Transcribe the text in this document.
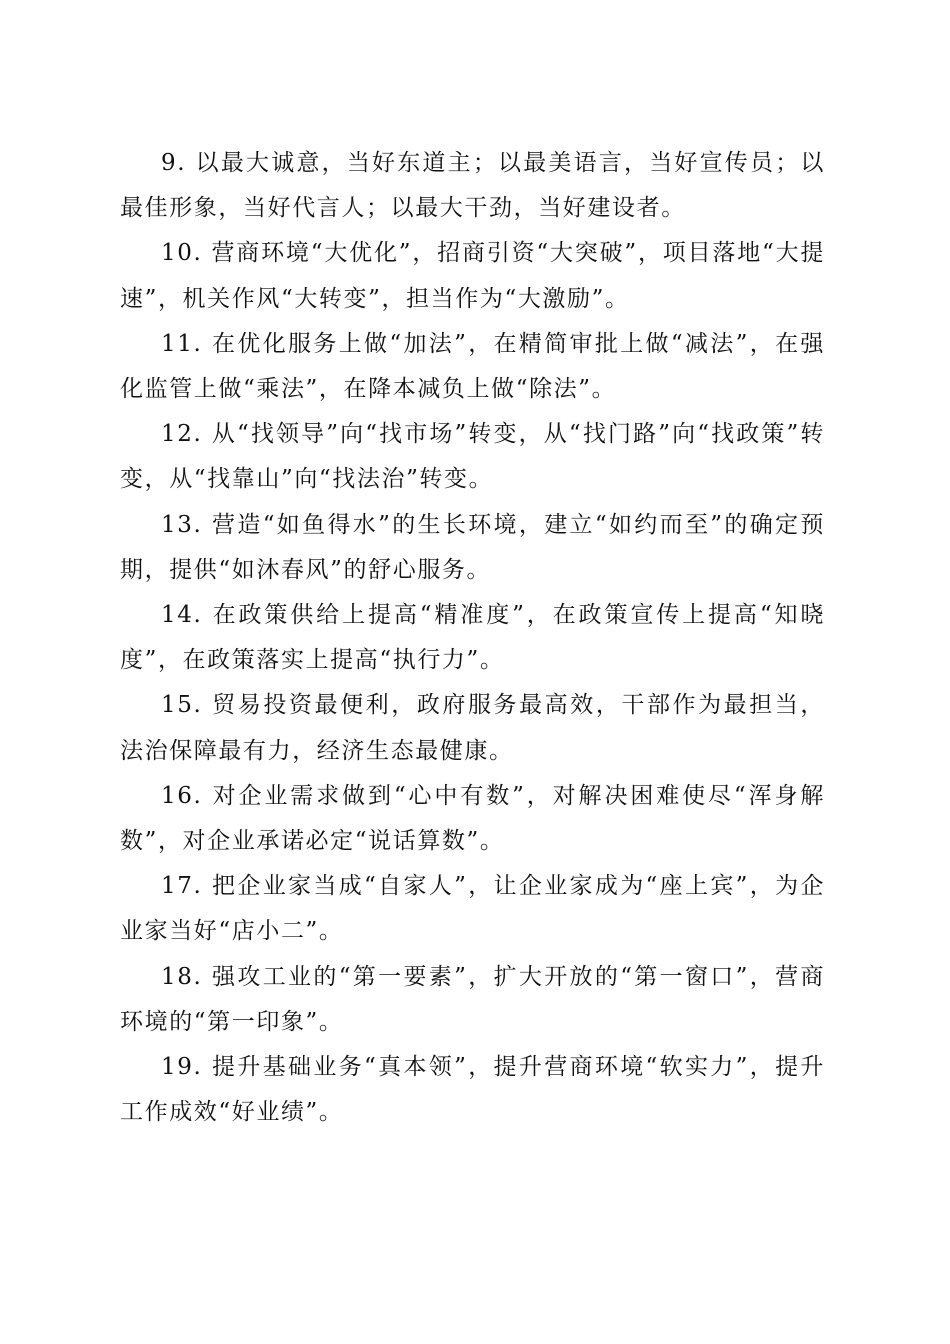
9. 以最大诚意，当好东道主；以最美语言，当好宣传员；以最佳形象，当好代言人；以最大干劲，当好建设者。

10. 营商环境“大优化”，招商引资“大突破”，项目落地“大提速”，机关作风“大转变”，担当作为“大激励”。

11. 在优化服务上做“加法”，在精简审批上做“减法”，在强化监管上做“乘法”，在降本减负上做“除法”。

12. 从“找领导”向“找市场”转变，从“找门路”向“找政策”转变，从“找靠山”向“找法治”转变。

13. 营造“如鱼得水”的生长环境，建立“如约而至”的确定预期，提供“如沐春风”的舒心服务。

14. 在政策供给上提高“精准度”，在政策宣传上提高“知晓度”，在政策落实上提高“执行力”。

15. 贸易投资最便利，政府服务最高效，干部作为最担当，法治保障最有力，经济生态最健康。

16. 对企业需求做到“心中有数”，对解决困难使尽“浑身解数”，对企业承诺必定“说话算数”。

17. 把企业家当成“自家人”，让企业家成为“座上宾”，为企业家当好“店小二”。

18. 强攻工业的“第一要素”，扩大开放的“第一窗口”，营商环境的“第一印象”。

19. 提升基础业务“真本领”，提升营商环境“软实力”，提升工作成效“好业绩”。
